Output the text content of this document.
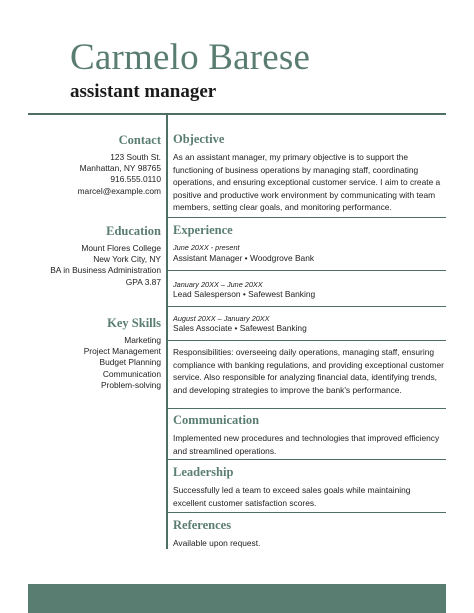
Carmelo Barese
assistant manager
Contact
123 South St.
Manhattan, NY 98765
916.555.0110
marcel@example.com
Education
Mount Flores College
New York City, NY
BA in Business Administration
GPA 3.87
Key Skills
Marketing
Project Management
Budget Planning
Communication
Problem-solving
Objective
As an assistant manager, my primary objective is to support the functioning of business operations by managing staff, coordinating operations, and ensuring exceptional customer service. I aim to create a positive and productive work environment by communicating with team members, setting clear goals, and monitoring performance.
Experience
June 20XX - present
Assistant Manager • Woodgrove Bank
January 20XX – June 20XX
Lead Salesperson • Safewest Banking
August 20XX – January 20XX
Sales Associate • Safewest Banking
Responsibilities: overseeing daily operations, managing staff, ensuring compliance with banking regulations, and providing exceptional customer service. Also responsible for analyzing financial data, identifying trends, and developing strategies to improve the bank's performance.
Communication
Implemented new procedures and technologies that improved efficiency and streamlined operations.
Leadership
Successfully led a team to exceed sales goals while maintaining excellent customer satisfaction scores.
References
Available upon request.
